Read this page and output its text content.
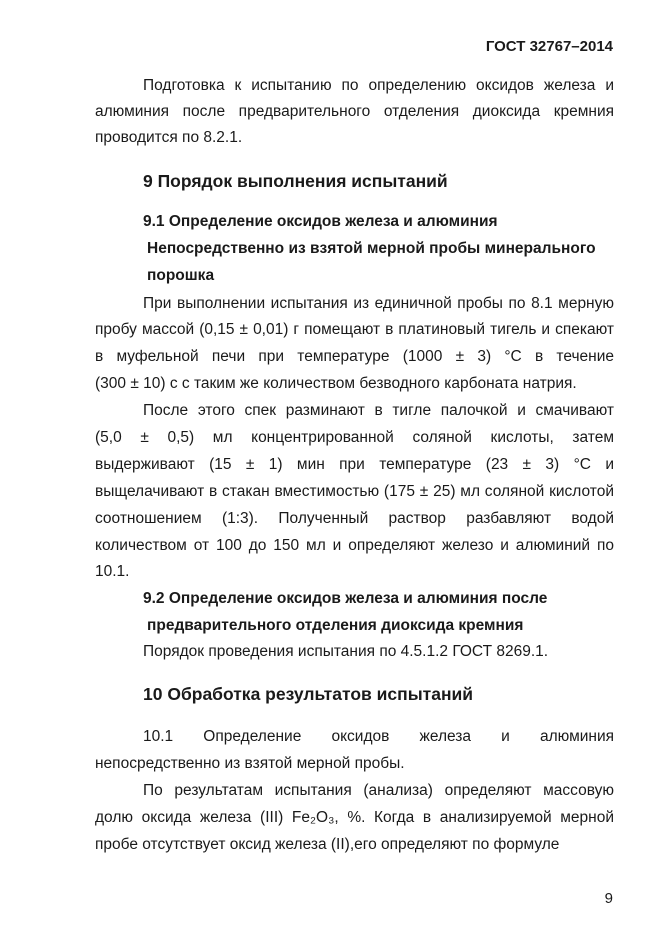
ГОСТ 32767–2014

Подготовка к испытанию по определению оксидов железа и

алюминия после предварительного отделения диоксида кремния

проводится по 8.2.1.

9 Порядок выполнения испытаний
9.1 Определение оксидов железа и алюминия
Непосредственно из взятой мерной пробы минерального
порошка

При выполнении испытания из единичной пробы по 8.1 мерную

пробу массой (0,15 ± 0,01) г помещают в платиновый тигель и спекают

в муфельной печи при температуре (1000 ± 3) °С в течение

(300 ± 10) с с таким же количеством безводного карбоната натрия.

После этого спек разминают в тигле палочкой и смачивают

(5,0 ± 0,5) мл концентрированной соляной кислоты, затем

выдерживают (15 ± 1) мин при температуре (23 ± 3) °С и

выщелачивают в стакан вместимостью (175 ± 25) мл соляной кислотой

соотношением (1:3). Полученный раствор разбавляют водой

количеством от 100 до 150 мл и определяют железо и алюминий по

10.1.

9.2 Определение оксидов железа и алюминия после
предварительного отделения диоксида кремния

Порядок проведения испытания по 4.5.1.2 ГОСТ 8269.1.

10 Обработка результатов испытаний

10.1 Определение оксидов железа и алюминия

непосредственно из взятой мерной пробы.

По результатам испытания (анализа) определяют массовую

долю оксида железа (III) Fe₂O₃, %. Когда в анализируемой мерной

пробе отсутствует оксид железа (II),его определяют по формуле

9
